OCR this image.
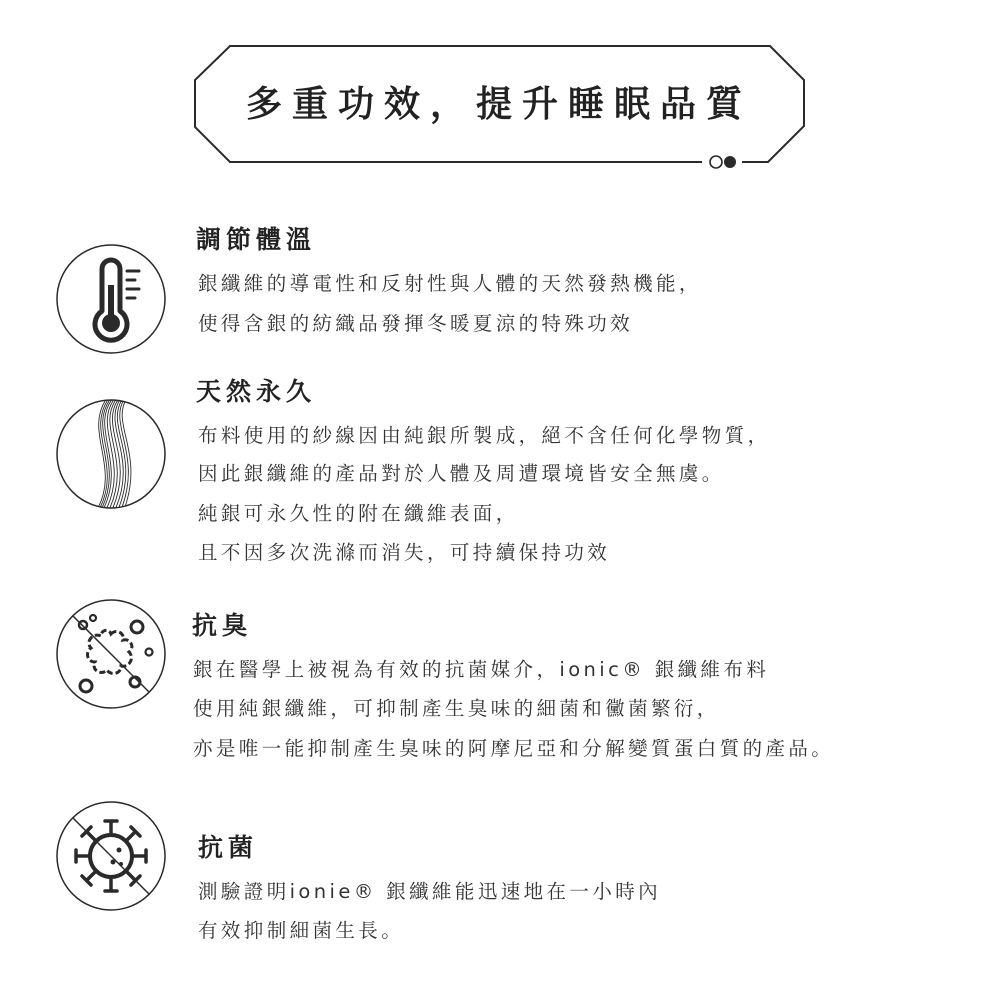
多重功效，提升睡眠品質
調節體溫
銀纖維的導電性和反射性與人體的天然發熱機能，
使得含銀的紡織品發揮冬暖夏涼的特殊功效
天然永久
布料使用的紗線因由純銀所製成，絕不含任何化學物質，
因此銀纖維的產品對於人體及周遭環境皆安全無虞。
純銀可永久性的附在纖維表面，
且不因多次洗滌而消失，可持續保持功效
抗臭
銀在醫學上被視為有效的抗菌媒介，ionic® 銀纖維布料
使用純銀纖維，可抑制產生臭味的細菌和黴菌繁衍，
亦是唯一能抑制產生臭味的阿摩尼亞和分解變質蛋白質的產品。
抗菌
測驗證明ionie® 銀纖維能迅速地在一小時內
有效抑制細菌生長。
